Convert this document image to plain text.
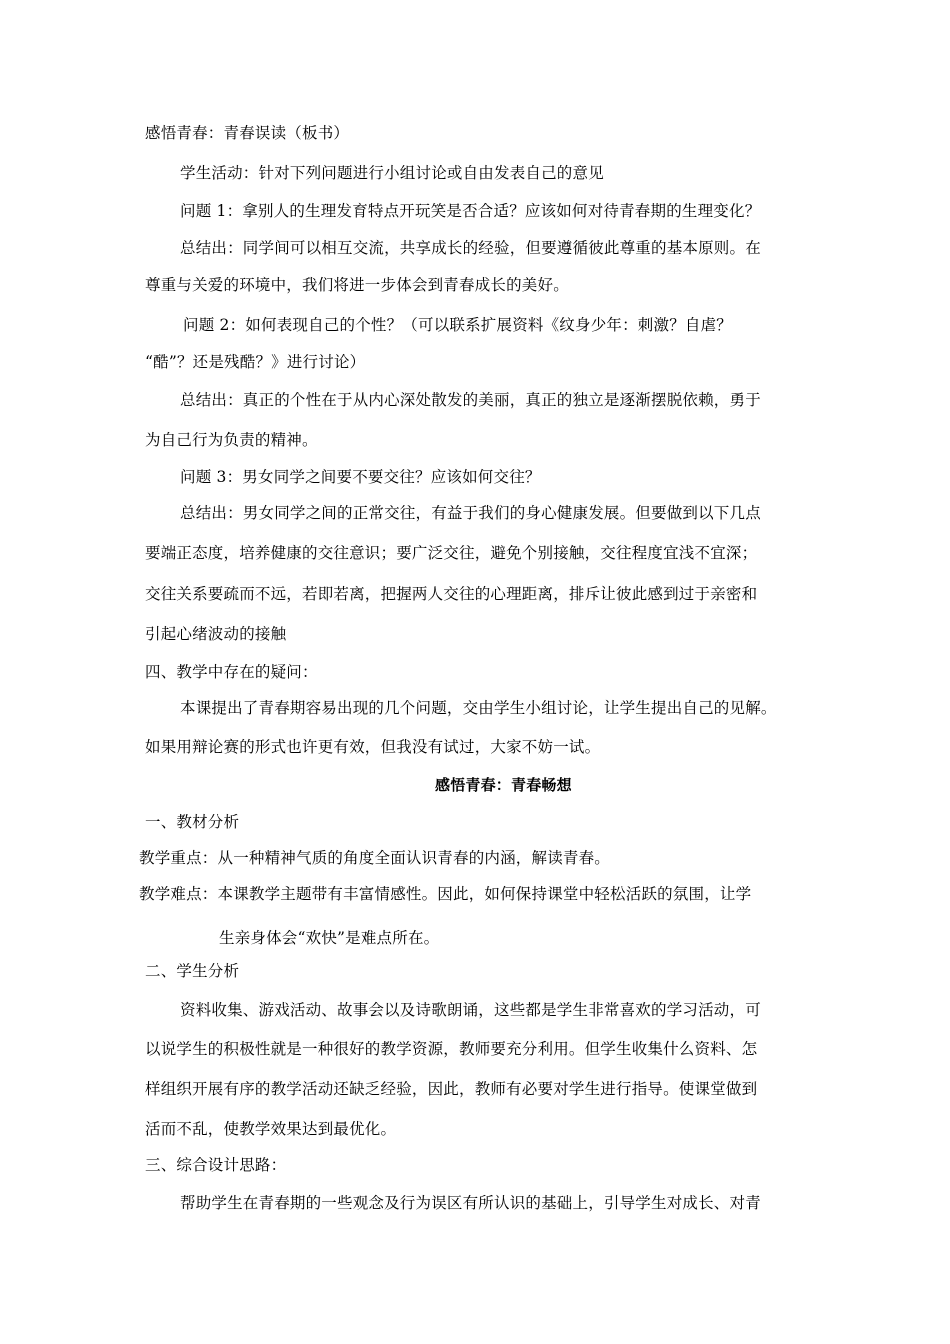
感悟青春：青春误读（板书）
学生活动：针对下列问题进行小组讨论或自由发表自己的意见
问题 1：拿别人的生理发育特点开玩笑是否合适？应该如何对待青春期的生理变化？
总结出：同学间可以相互交流，共享成长的经验，但要遵循彼此尊重的基本原则。在
尊重与关爱的环境中，我们将进一步体会到青春成长的美好。
问题 2：如何表现自己的个性？（可以联系扩展资料《纹身少年：刺激？自虐？
“酷”？还是残酷？》进行讨论）
总结出：真正的个性在于从内心深处散发的美丽，真正的独立是逐渐摆脱依赖，勇于
为自己行为负责的精神。
问题 3：男女同学之间要不要交往？应该如何交往？
总结出：男女同学之间的正常交往，有益于我们的身心健康发展。但要做到以下几点
要端正态度，培养健康的交往意识；要广泛交往，避免个别接触，交往程度宜浅不宜深；
交往关系要疏而不远，若即若离，把握两人交往的心理距离，排斥让彼此感到过于亲密和
引起心绪波动的接触
四、教学中存在的疑问：
本课提出了青春期容易出现的几个问题，交由学生小组讨论，让学生提出自己的见解。
如果用辩论赛的形式也许更有效，但我没有试过，大家不妨一试。
感悟青春：青春畅想
一、教材分析
教学重点：从一种精神气质的角度全面认识青春的内涵，解读青春。
教学难点：本课教学主题带有丰富情感性。因此，如何保持课堂中轻松活跃的氛围，让学
生亲身体会“欢快”是难点所在。
二、学生分析
资料收集、游戏活动、故事会以及诗歌朗诵，这些都是学生非常喜欢的学习活动，可
以说学生的积极性就是一种很好的教学资源，教师要充分利用。但学生收集什么资料、怎
样组织开展有序的教学活动还缺乏经验，因此，教师有必要对学生进行指导。使课堂做到
活而不乱，使教学效果达到最优化。
三、综合设计思路：
帮助学生在青春期的一些观念及行为误区有所认识的基础上，引导学生对成长、对青
